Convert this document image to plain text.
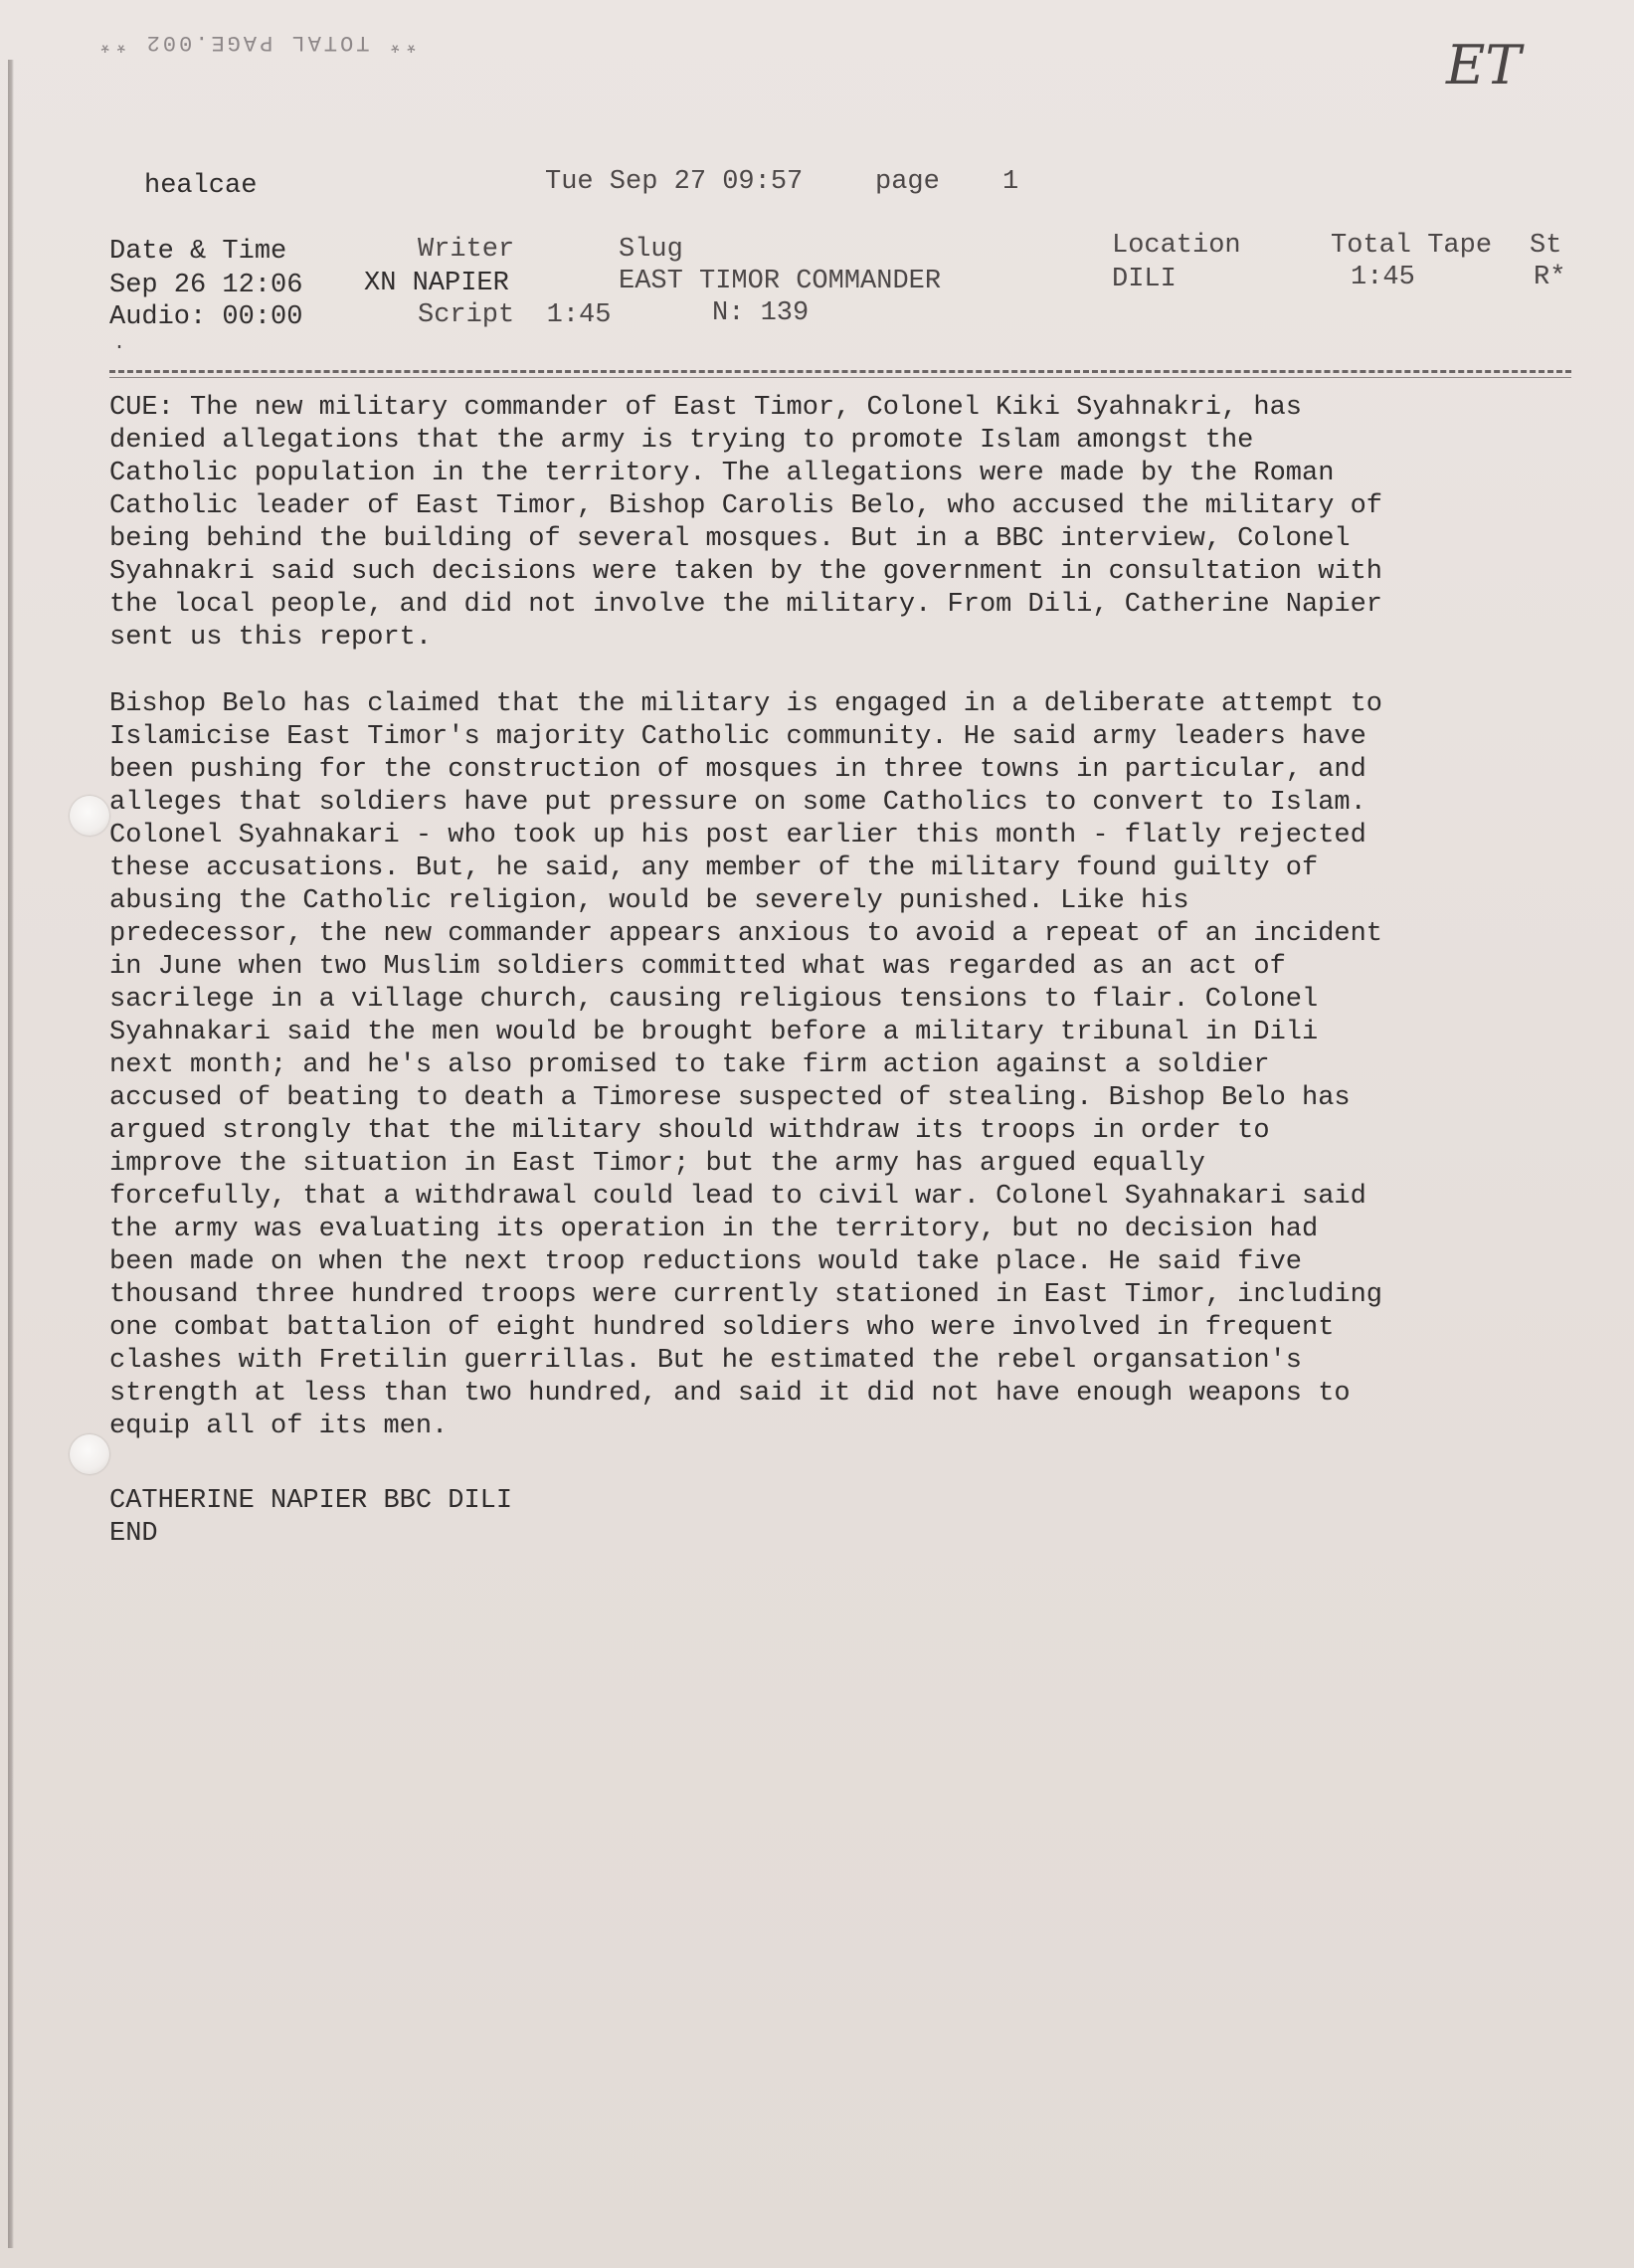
** TOTAL PAGE.002 **	ET
healcae	Tue Sep 27 09:57	page 1
Date & Time	Writer	Slug	Location	Total Tape St
Sep 26 12:06 XN NAPIER	EAST TIMOR COMMANDER	DILI	1:45	R*
Audio: 00:00	Script  1:45	N: 139
.
CUE: The new military commander of East Timor, Colonel Kiki Syahnakri, has
denied allegations that the army is trying to promote Islam amongst the
Catholic population in the territory. The allegations were made by the Roman
Catholic leader of East Timor, Bishop Carolis Belo, who accused the military of
being behind the building of several mosques. But in a BBC interview, Colonel
Syahnakri said such decisions were taken by the government in consultation with
the local people, and did not involve the military. From Dili, Catherine Napier
sent us this report.
Bishop Belo has claimed that the military is engaged in a deliberate attempt to
Islamicise East Timor's majority Catholic community. He said army leaders have
been pushing for the construction of mosques in three towns in particular, and
alleges that soldiers have put pressure on some Catholics to convert to Islam.
Colonel Syahnakari - who took up his post earlier this month - flatly rejected
these accusations. But, he said, any member of the military found guilty of
abusing the Catholic religion, would be severely punished. Like his
predecessor, the new commander appears anxious to avoid a repeat of an incident
in June when two Muslim soldiers committed what was regarded as an act of
sacrilege in a village church, causing religious tensions to flair. Colonel
Syahnakari said the men would be brought before a military tribunal in Dili
next month; and he's also promised to take firm action against a soldier
accused of beating to death a Timorese suspected of stealing. Bishop Belo has
argued strongly that the military should withdraw its troops in order to
improve the situation in East Timor; but the army has argued equally
forcefully, that a withdrawal could lead to civil war. Colonel Syahnakari said
the army was evaluating its operation in the territory, but no decision had
been made on when the next troop reductions would take place. He said five
thousand three hundred troops were currently stationed in East Timor, including
one combat battalion of eight hundred soldiers who were involved in frequent
clashes with Fretilin guerrillas. But he estimated the rebel organsation's
strength at less than two hundred, and said it did not have enough weapons to
equip all of its men.
CATHERINE NAPIER BBC DILI
END
